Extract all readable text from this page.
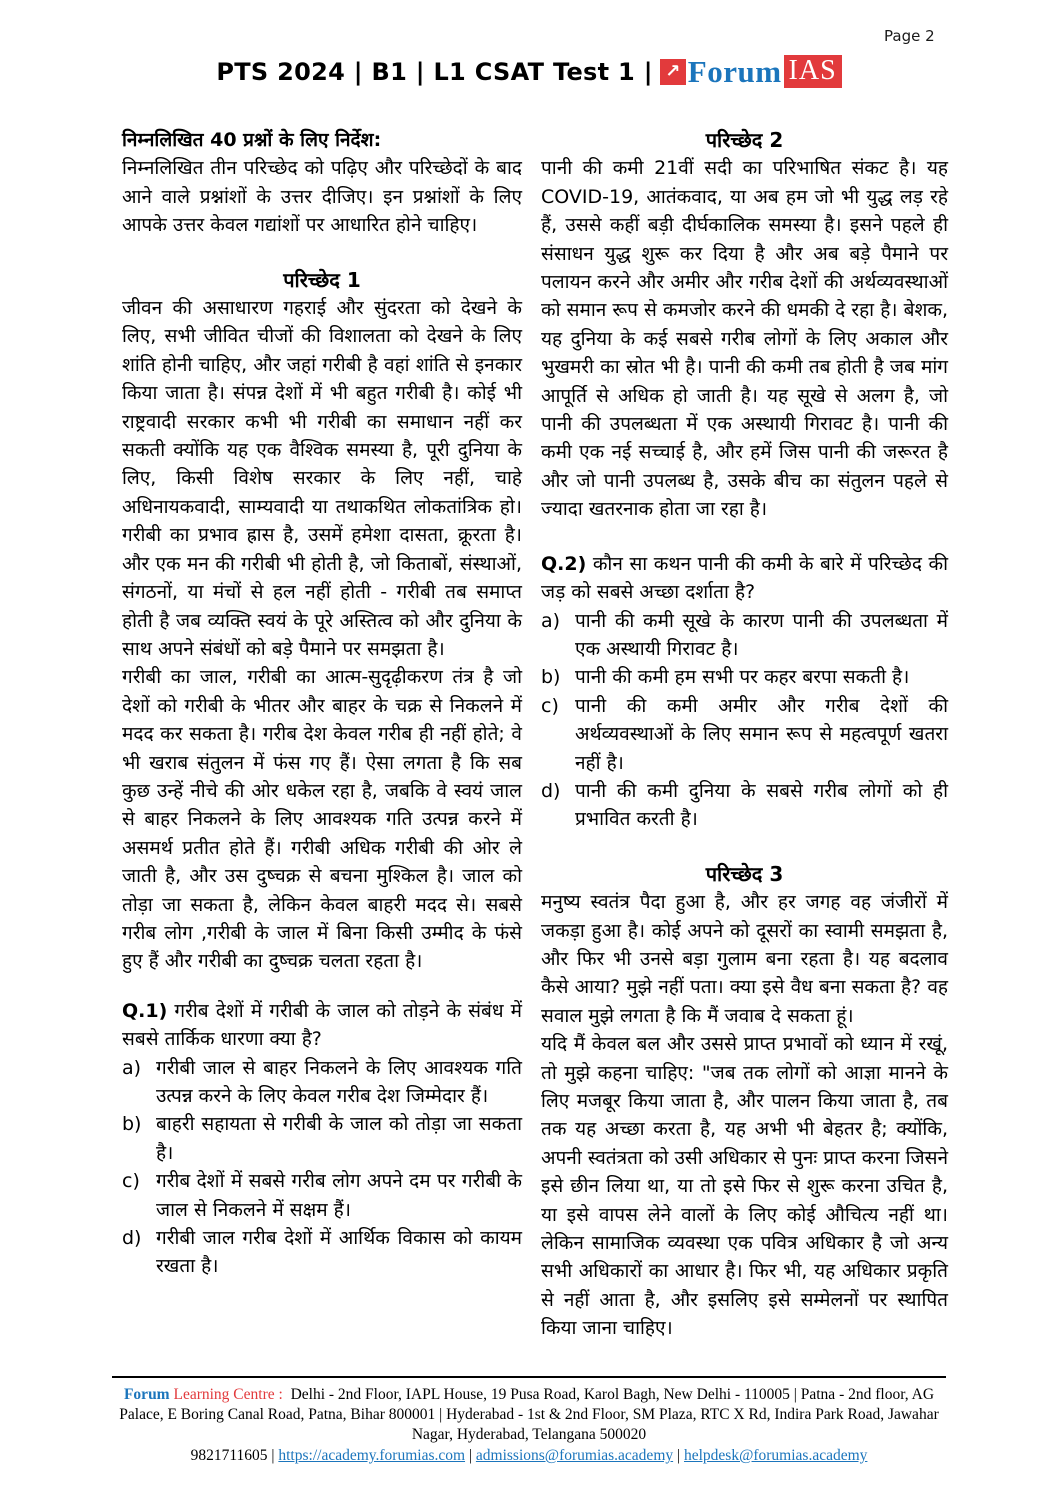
Page 2
PTS 2024 | B1 | L1 CSAT Test 1 | ↗ Forum IAS

निम्नलिखित 40 प्रश्नों के लिए निर्देश:

निम्नलिखित तीन परिच्छेद को पढ़िए और परिच्छेदों के बाद आने वाले प्रश्नांशों के उत्तर दीजिए। इन प्रश्नांशों के लिए आपके उत्तर केवल गद्यांशों पर आधारित होने चाहिए।

परिच्छेद 1

जीवन की असाधारण गहराई और सुंदरता को देखने के लिए, सभी जीवित चीजों की विशालता को देखने के लिए शांति होनी चाहिए, और जहां गरीबी है वहां शांति से इनकार किया जाता है। संपन्न देशों में भी बहुत गरीबी है। कोई भी राष्ट्रवादी सरकार कभी भी गरीबी का समाधान नहीं कर सकती क्योंकि यह एक वैश्विक समस्या है, पूरी दुनिया के लिए, किसी विशेष सरकार के लिए नहीं, चाहे अधिनायकवादी, साम्यवादी या तथाकथित लोकतांत्रिक हो। गरीबी का प्रभाव ह्रास है, उसमें हमेशा दासता, क्रूरता है। और एक मन की गरीबी भी होती है, जो किताबों, संस्थाओं, संगठनों, या मंचों से हल नहीं होती - गरीबी तब समाप्त होती है जब व्यक्ति स्वयं के पूरे अस्तित्व को और दुनिया के साथ अपने संबंधों को बड़े पैमाने पर समझता है।

गरीबी का जाल, गरीबी का आत्म-सुदृढ़ीकरण तंत्र है जो देशों को गरीबी के भीतर और बाहर के चक्र से निकलने में मदद कर सकता है। गरीब देश केवल गरीब ही नहीं होते; वे भी खराब संतुलन में फंस गए हैं। ऐसा लगता है कि सब कुछ उन्हें नीचे की ओर धकेल रहा है, जबकि वे स्वयं जाल से बाहर निकलने के लिए आवश्यक गति उत्पन्न करने में असमर्थ प्रतीत होते हैं। गरीबी अधिक गरीबी की ओर ले जाती है, और उस दुष्चक्र से बचना मुश्किल है। जाल को तोड़ा जा सकता है, लेकिन केवल बाहरी मदद से। सबसे गरीब लोग ,गरीबी के जाल में बिना किसी उम्मीद के फंसे हुए हैं और गरीबी का दुष्चक्र चलता रहता है।

Q.1) गरीब देशों में गरीबी के जाल को तोड़ने के संबंध में सबसे तार्किक धारणा क्या है?

a) गरीबी जाल से बाहर निकलने के लिए आवश्यक गति उत्पन्न करने के लिए केवल गरीब देश जिम्मेदार हैं।
b) बाहरी सहायता से गरीबी के जाल को तोड़ा जा सकता है।
c) गरीब देशों में सबसे गरीब लोग अपने दम पर गरीबी के जाल से निकलने में सक्षम हैं।
d) गरीबी जाल गरीब देशों में आर्थिक विकास को कायम रखता है।

परिच्छेद 2

पानी की कमी 21वीं सदी का परिभाषित संकट है। यह COVID-19, आतंकवाद, या अब हम जो भी युद्ध लड़ रहे हैं, उससे कहीं बड़ी दीर्घकालिक समस्या है। इसने पहले ही संसाधन युद्ध शुरू कर दिया है और अब बड़े पैमाने पर पलायन करने और अमीर और गरीब देशों की अर्थव्यवस्थाओं को समान रूप से कमजोर करने की धमकी दे रहा है। बेशक, यह दुनिया के कई सबसे गरीब लोगों के लिए अकाल और भुखमरी का स्रोत भी है। पानी की कमी तब होती है जब मांग आपूर्ति से अधिक हो जाती है। यह सूखे से अलग है, जो पानी की उपलब्धता में एक अस्थायी गिरावट है। पानी की कमी एक नई सच्चाई है, और हमें जिस पानी की जरूरत है और जो पानी उपलब्ध है, उसके बीच का संतुलन पहले से ज्यादा खतरनाक होता जा रहा है।

Q.2) कौन सा कथन पानी की कमी के बारे में परिच्छेद की जड़ को सबसे अच्छा दर्शाता है?

a) पानी की कमी सूखे के कारण पानी की उपलब्धता में एक अस्थायी गिरावट है।
b) पानी की कमी हम सभी पर कहर बरपा सकती है।
c) पानी की कमी अमीर और गरीब देशों की अर्थव्यवस्थाओं के लिए समान रूप से महत्वपूर्ण खतरा नहीं है।
d) पानी की कमी दुनिया के सबसे गरीब लोगों को ही प्रभावित करती है।

परिच्छेद 3

मनुष्य स्वतंत्र पैदा हुआ है, और हर जगह वह जंजीरों में जकड़ा हुआ है। कोई अपने को दूसरों का स्वामी समझता है, और फिर भी उनसे बड़ा गुलाम बना रहता है। यह बदलाव कैसे आया? मुझे नहीं पता। क्या इसे वैध बना सकता है? वह सवाल मुझे लगता है कि मैं जवाब दे सकता हूं।

यदि मैं केवल बल और उससे प्राप्त प्रभावों को ध्यान में रखूं, तो मुझे कहना चाहिए: "जब तक लोगों को आज्ञा मानने के लिए मजबूर किया जाता है, और पालन किया जाता है, तब तक यह अच्छा करता है, यह अभी भी बेहतर है; क्योंकि, अपनी स्वतंत्रता को उसी अधिकार से पुनः प्राप्त करना जिसने इसे छीन लिया था, या तो इसे फिर से शुरू करना उचित है, या इसे वापस लेने वालों के लिए कोई औचित्य नहीं था। लेकिन सामाजिक व्यवस्था एक पवित्र अधिकार है जो अन्य सभी अधिकारों का आधार है। फिर भी, यह अधिकार प्रकृति से नहीं आता है, और इसलिए इसे सम्मेलनों पर स्थापित किया जाना चाहिए।

Forum Learning Centre : Delhi - 2nd Floor, IAPL House, 19 Pusa Road, Karol Bagh, New Delhi - 110005 | Patna - 2nd floor, AG Palace, E Boring Canal Road, Patna, Bihar 800001 | Hyderabad - 1st & 2nd Floor, SM Plaza, RTC X Rd, Indira Park Road, Jawahar Nagar, Hyderabad, Telangana 500020
9821711605 | https://academy.forumias.com | admissions@forumias.academy | helpdesk@forumias.academy
